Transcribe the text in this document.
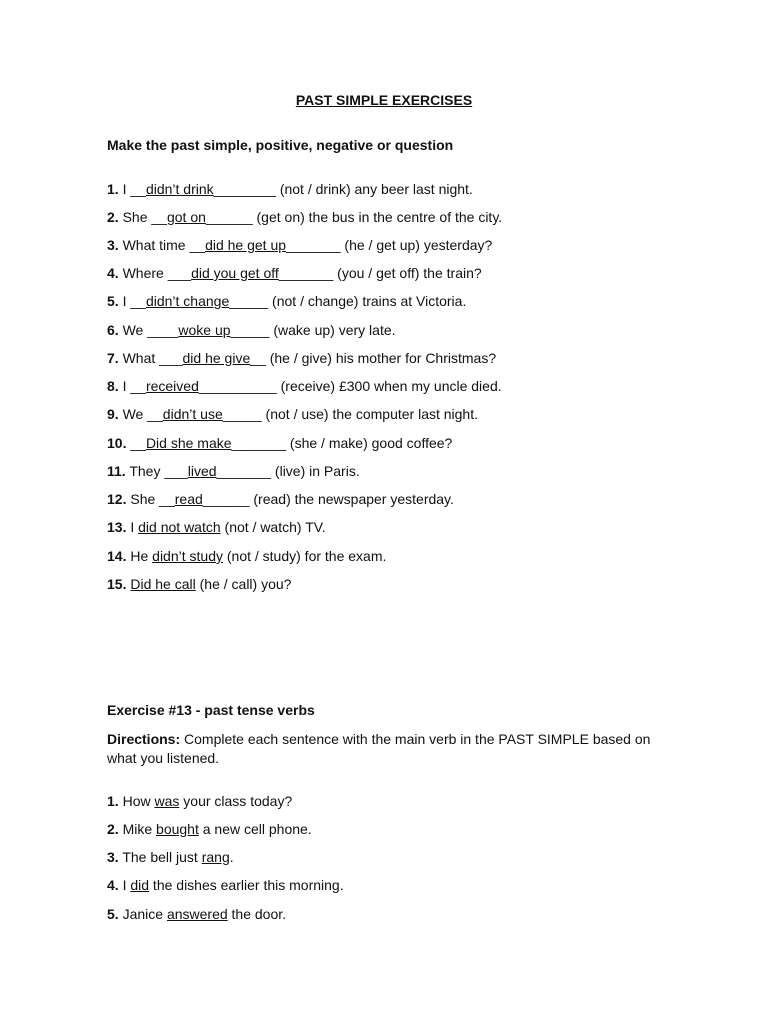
PAST SIMPLE EXERCISES
Make the past simple, positive, negative or question
1. I __didn’t drink________ (not / drink) any beer last night.
2. She __got on______ (get on) the bus in the centre of the city.
3. What time __did he get up_______ (he / get up) yesterday?
4. Where ___did you get off_______ (you / get off) the train?
5. I __didn’t change_____ (not / change) trains at Victoria.
6. We ____woke up_____ (wake up) very late.
7. What ___did he give__ (he / give) his mother for Christmas?
8. I __received__________ (receive) £300 when my uncle died.
9. We __didn’t use_____ (not / use) the computer last night.
10. __Did she make_______ (she / make) good coffee?
11. They ___lived_______ (live) in Paris.
12. She __read______ (read) the newspaper yesterday.
13. I did not watch (not / watch) TV.
14. He didn’t study (not / study) for the exam.
15. Did he call (he / call) you?
Exercise #13 - past tense verbs
Directions: Complete each sentence with the main verb in the PAST SIMPLE based on what you listened.
1. How was your class today?
2. Mike bought a new cell phone.
3. The bell just rang.
4. I did the dishes earlier this morning.
5. Janice answered the door.
